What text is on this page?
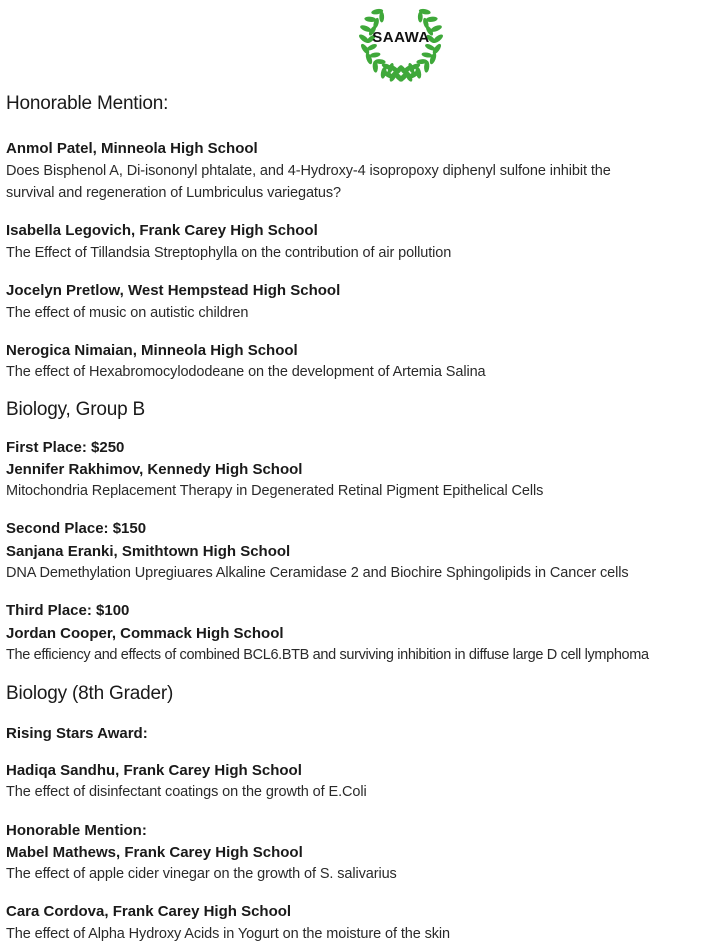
SAAWA
Honorable Mention:
Anmol Patel, Minneola High School
Does Bisphenol A, Di-isononyl phtalate, and 4-Hydroxy-4 isopropoxy diphenyl sulfone inhibit the
survival and regeneration of Lumbriculus variegatus?
Isabella Legovich, Frank Carey High School
The Effect of Tillandsia Streptophylla on the contribution of air pollution
Jocelyn Pretlow, West Hempstead High School
The effect of music on autistic children
Nerogica Nimaian, Minneola High School
The effect of Hexabromocylododeane on the development of Artemia Salina
Biology, Group B
First Place: $250
Jennifer Rakhimov, Kennedy High School
Mitochondria Replacement Therapy in Degenerated Retinal Pigment Epithelical Cells
Second Place: $150
Sanjana Eranki, Smithtown High School
DNA Demethylation Upregiuares Alkaline Ceramidase 2 and Biochire Sphingolipids in Cancer cells
Third Place: $100
Jordan Cooper, Commack High School
The efficiency and effects of combined BCL6.BTB and surviving inhibition in diffuse large D cell lymphoma
Biology (8th Grader)
Rising Stars Award:
Hadiqa Sandhu, Frank Carey High School
The effect of disinfectant coatings on the growth of E.Coli
Honorable Mention:
Mabel Mathews, Frank Carey High School
The effect of apple cider vinegar on the growth of S. salivarius
Cara Cordova, Frank Carey High School
The effect of Alpha Hydroxy Acids in Yogurt on the moisture of the skin
